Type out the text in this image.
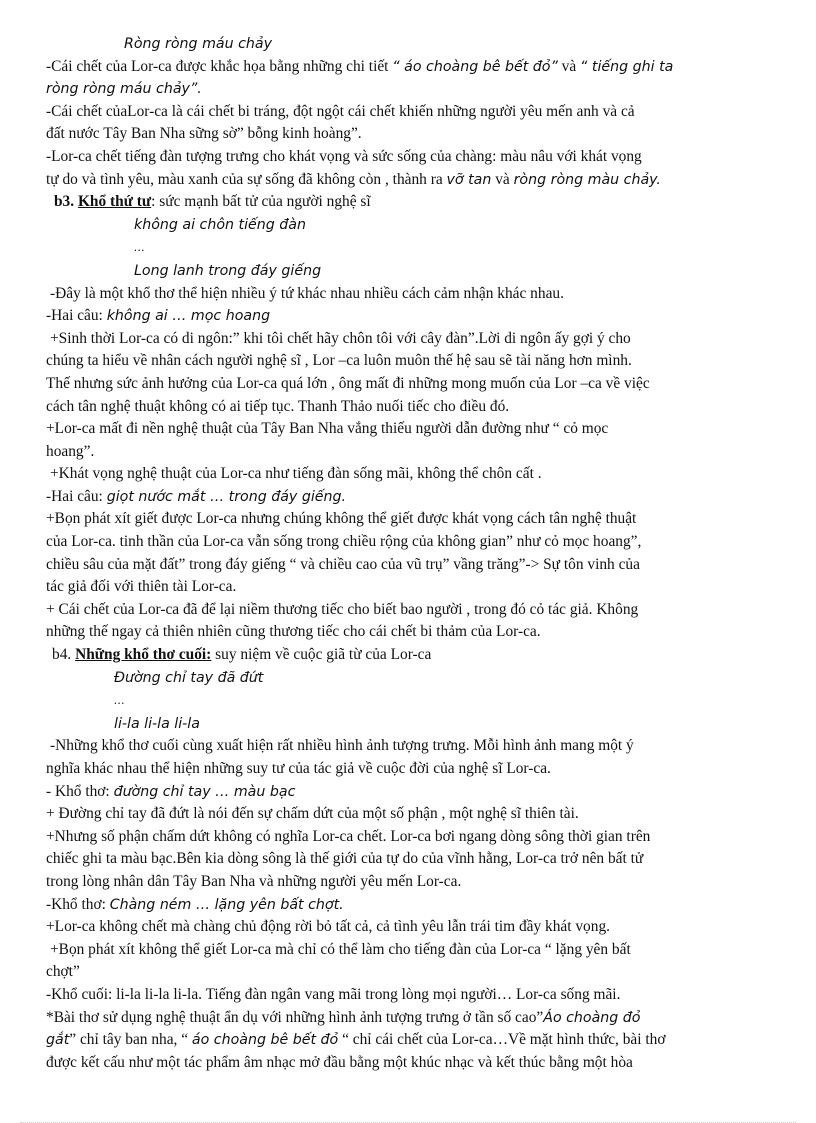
Ròng ròng máu chảy
-Cái chết của Lor-ca được khắc họa bằng những chi tiết “ áo choàng bê bết đỏ” và “ tiếng ghi ta
ròng ròng máu chảy”.
-Cái chết củaLor-ca là cái chết bi tráng, đột ngột cái chết khiến những người yêu mến anh và cả
đất nước Tây Ban Nha sững sờ” bỗng kinh hoàng”.
-Lor-ca chết tiếng đàn tượng trưng cho khát vọng và sức sống của chàng: màu nâu với khát vọng
tự do và tình yêu, màu xanh của sự sống đã không còn , thành ra vỡ tan và ròng ròng màu chảy.
b3. Khổ thứ tư: sức mạnh bất tử của người nghệ sĩ
không ai chôn tiếng đàn
…
Long lanh trong đáy giếng
-Đây là một khổ thơ thể hiện nhiều ý tứ khác nhau nhiều cách cảm nhận khác nhau.
-Hai câu: không ai … mọc hoang
+Sinh thời Lor-ca có di ngôn:” khi tôi chết hãy chôn tôi với cây đàn”.Lời di ngôn ấy gợi ý cho
chúng ta hiểu về nhân cách người nghệ sĩ , Lor –ca luôn muôn thế hệ sau sẽ tài năng hơn mình.
Thế nhưng sức ảnh hưởng của Lor-ca quá lớn , ông mất đi những mong muốn của Lor –ca về việc
cách tân nghệ thuật không có ai tiếp tục. Thanh Thảo nuối tiếc cho điều đó.
+Lor-ca mất đi nền nghệ thuật của Tây Ban Nha vắng thiếu người dẫn đường như “ cỏ mọc
hoang”.
+Khát vọng nghệ thuật của Lor-ca như tiếng đàn sống mãi, không thể chôn cất .
-Hai câu: giọt nước mắt … trong đáy giếng.
+Bọn phát xít giết được Lor-ca nhưng chúng không thể giết được khát vọng cách tân nghệ thuật
của Lor-ca. tinh thần của Lor-ca vẫn sống trong chiều rộng của không gian” như cỏ mọc hoang”,
chiều sâu của mặt đất” trong đáy giếng “ và chiều cao của vũ trụ” vầng trăng”-> Sự tôn vinh của
tác giả đối với thiên tài Lor-ca.
+ Cái chết của Lor-ca đã để lại niềm thương tiếc cho biết bao người , trong đó cỏ tác giả. Không
những thế ngay cả thiên nhiên cũng thương tiếc cho cái chết bi thảm của Lor-ca.
b4. Những khổ thơ cuối: suy niệm về cuộc giã từ của Lor-ca
Đường chỉ tay đã đứt
…
li-la li-la li-la
-Những khổ thơ cuối cùng xuất hiện rất nhiều hình ảnh tượng trưng. Mỗi hình ảnh mang một ý
nghĩa khác nhau thể hiện những suy tư của tác giả về cuộc đời của nghệ sĩ Lor-ca.
- Khổ thơ: đường chỉ tay … màu bạc
+ Đường chỉ tay đã đứt là nói đến sự chấm dứt của một số phận , một nghệ sĩ thiên tài.
+Nhưng số phận chấm dứt không có nghĩa Lor-ca chết. Lor-ca bơi ngang dòng sông thời gian trên
chiếc ghi ta màu bạc.Bên kia dòng sông là thế giới của tự do của vĩnh hằng, Lor-ca trở nên bất tử
trong lòng nhân dân Tây Ban Nha và những người yêu mến Lor-ca.
-Khổ thơ: Chàng ném … lặng yên bất chợt.
+Lor-ca không chết mà chàng chủ động rời bỏ tất cả, cả tình yêu lẫn trái tim đầy khát vọng.
+Bọn phát xít không thể giết Lor-ca mà chỉ có thể làm cho tiếng đàn của Lor-ca “ lặng yên bất
chợt”
-Khổ cuối: li-la li-la li-la. Tiếng đàn ngân vang mãi trong lòng mọi người… Lor-ca sống mãi.
*Bài thơ sử dụng nghệ thuật ẩn dụ với những hình ảnh tượng trưng ở tần số cao”Áo choàng đỏ
gắt” chỉ tây ban nha, “ áo choàng bê bết đỏ “ chỉ cái chết của Lor-ca…Về mặt hình thức, bài thơ
được kết cấu như một tác phẩm âm nhạc mở đầu bằng một khúc nhạc và kết thúc bằng một hòa
